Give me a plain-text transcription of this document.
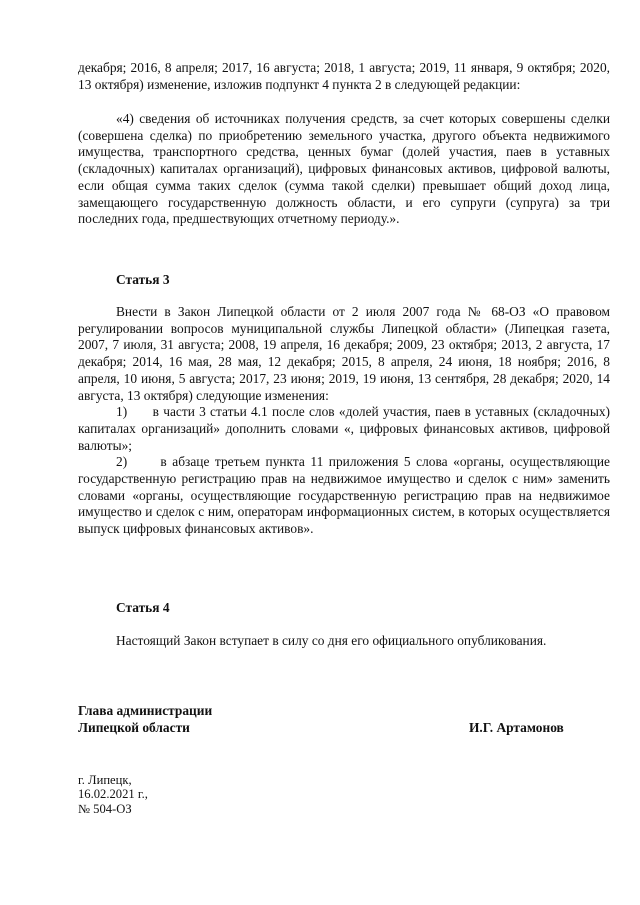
декабря; 2016, 8 апреля; 2017, 16 августа; 2018, 1 августа; 2019, 11 января, 9 октября; 2020, 13 октября) изменение, изложив подпункт 4 пункта 2 в следующей редакции:

«4) сведения об источниках получения средств, за счет которых совершены сделки (совершена сделка) по приобретению земельного участка, другого объекта недвижимого имущества, транспортного средства, ценных бумаг (долей участия, паев в уставных (складочных) капиталах организаций), цифровых финансовых активов, цифровой валюты, если общая сумма таких сделок (сумма такой сделки) превышает общий доход лица, замещающего государственную должность области, и его супруги (супруга) за три последних года, предшествующих отчетному периоду.».

Статья 3

Внести в Закон Липецкой области от 2 июля 2007 года № 68-ОЗ «О правовом регулировании вопросов муниципальной службы Липецкой области» (Липецкая газета, 2007, 7 июля, 31 августа; 2008, 19 апреля, 16 декабря; 2009, 23 октября; 2013, 2 августа, 17 декабря; 2014, 16 мая, 28 мая, 12 декабря; 2015, 8 апреля, 24 июня, 18 ноября; 2016, 8 апреля, 10 июня, 5 августа; 2017, 23 июня; 2019, 19 июня, 13 сентября, 28 декабря; 2020, 14 августа, 13 октября) следующие изменения:

1)      в части 3 статьи 4.1 после слов «долей участия, паев в уставных (складочных) капиталах организаций» дополнить словами «, цифровых финансовых активов, цифровой валюты»;

2)      в абзаце третьем пункта 11 приложения 5 слова «органы, осуществляющие государственную регистрацию прав на недвижимое имущество и сделок с ним» заменить словами «органы, осуществляющие государственную регистрацию прав на недвижимое имущество и сделок с ним, операторам информационных систем, в которых осуществляется выпуск цифровых финансовых активов».

Статья 4

Настоящий Закон вступает в силу со дня его официального опубликования.

Глава администрации
Липецкой области	И.Г. Артамонов
г. Липецк,
16.02.2021 г.,
№ 504-ОЗ
